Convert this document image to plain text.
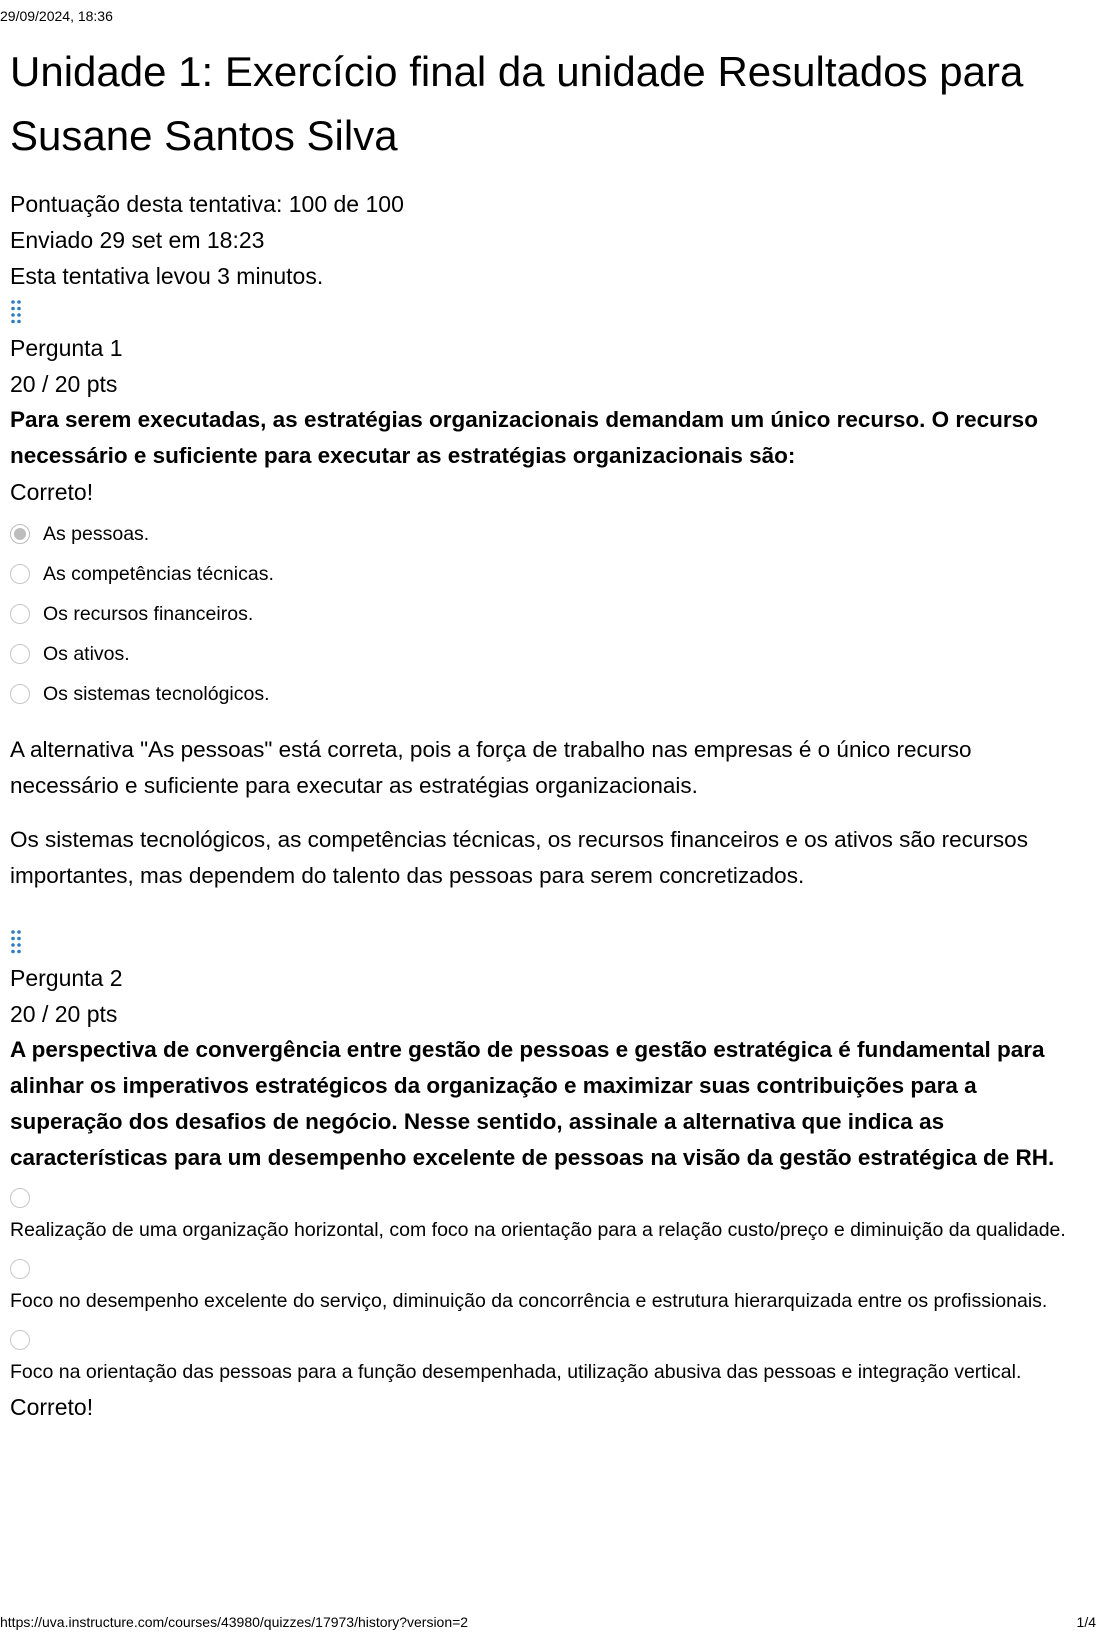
29/09/2024, 18:36
Unidade 1: Exercício final da unidade Resultados para Susane Santos Silva
Pontuação desta tentativa: 100 de 100
Enviado 29 set em 18:23
Esta tentativa levou 3 minutos.
Pergunta 1
20 / 20 pts
Para serem executadas, as estratégias organizacionais demandam um único recurso. O recurso necessário e suficiente para executar as estratégias organizacionais são:
Correto!
As pessoas.
As competências técnicas.
Os recursos financeiros.
Os ativos.
Os sistemas tecnológicos.

A alternativa "As pessoas" está correta, pois a força de trabalho nas empresas é o único recurso necessário e suficiente para executar as estratégias organizacionais.

Os sistemas tecnológicos, as competências técnicas, os recursos financeiros e os ativos são recursos importantes, mas dependem do talento das pessoas para serem concretizados.

Pergunta 2
20 / 20 pts
A perspectiva de convergência entre gestão de pessoas e gestão estratégica é fundamental para alinhar os imperativos estratégicos da organização e maximizar suas contribuições para a superação dos desafios de negócio. Nesse sentido, assinale a alternativa que indica as características para um desempenho excelente de pessoas na visão da gestão estratégica de RH.
Realização de uma organização horizontal, com foco na orientação para a relação custo/preço e diminuição da qualidade.
Foco no desempenho excelente do serviço, diminuição da concorrência e estrutura hierarquizada entre os profissionais.
Foco na orientação das pessoas para a função desempenhada, utilização abusiva das pessoas e integração vertical.
Correto!
https://uva.instructure.com/courses/43980/quizzes/17973/history?version=2	1/4
